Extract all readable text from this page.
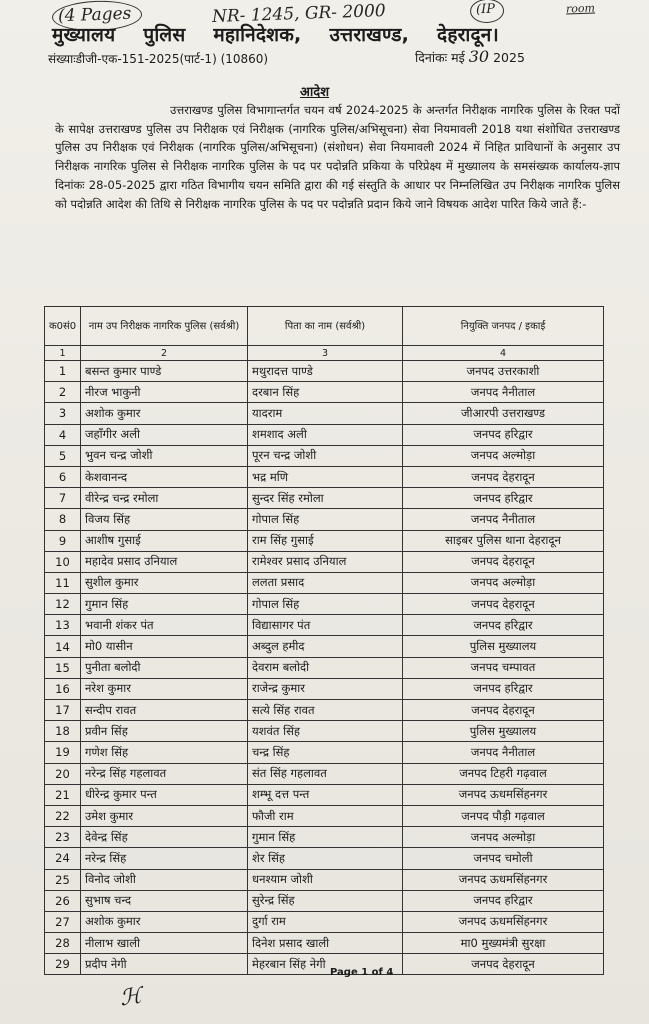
(4 Pages	NR- 1245, GR- 2000	(IP	room
मुख्यालय पुलिस महानिदेशक, उत्तराखण्ड, देहरादून।
संख्याःडीजी-एक-151-2025(पार्ट-1) (10860)	दिनांकः मई 30 2025
आदेश
उत्तराखण्ड पुलिस विभागान्तर्गत चयन वर्ष 2024-2025 के अन्तर्गत निरीक्षक नागरिक पुलिस के रिक्त पदों के सापेक्ष उत्तराखण्ड पुलिस उप निरीक्षक एवं निरीक्षक (नागरिक पुलिस/अभिसूचना) सेवा नियमावली 2018 यथा संशोधित उत्तराखण्ड पुलिस उप निरीक्षक एवं निरीक्षक (नागरिक पुलिस/अभिसूचना) (संशोधन) सेवा नियमावली 2024 में निहित प्राविधानों के अनुसार उप निरीक्षक नागरिक पुलिस से निरीक्षक नागरिक पुलिस के पद पर पदोन्नति प्रकिया के परिप्रेक्ष्य में मुख्यालय के समसंख्यक कार्यालय-ज्ञाप दिनांकः 28-05-2025 द्वारा गठित विभागीय चयन समिति द्वारा की गई संस्तुति के आधार पर निम्नलिखित उप निरीक्षक नागरिक पुलिस को पदोन्नति आदेश की तिथि से निरीक्षक नागरिक पुलिस के पद पर पदोन्नति प्रदान किये जाने विषयक आदेश पारित किये जाते हैं:-
क0सं0	नाम उप निरीक्षक नागरिक पुलिस (सर्वश्री)	पिता का नाम (सर्वश्री)	नियुक्ति जनपद / इकाई
1	2	3	4
1	बसन्त कुमार पाण्डे	मथुरादत्त पाण्डे	जनपद उत्तरकाशी
2	नीरज भाकुनी	दरबान सिंह	जनपद नैनीताल
3	अशोक कुमार	यादराम	जीआरपी उत्तराखण्ड
4	जहाँगीर अली	शमशाद अली	जनपद हरिद्वार
5	भुवन चन्द्र जोशी	पूरन चन्द्र जोशी	जनपद अल्मोड़ा
6	केशवानन्द	भद्र मणि	जनपद देहरादून
7	वीरेन्द्र चन्द्र रमोला	सुन्दर सिंह रमोला	जनपद हरिद्वार
8	विजय सिंह	गोपाल सिंह	जनपद नैनीताल
9	आशीष गुसाई	राम सिंह गुसाई	साइबर पुलिस थाना देहरादून
10	महादेव प्रसाद उनियाल	रामेश्वर प्रसाद उनियाल	जनपद देहरादून
11	सुशील कुमार	ललता प्रसाद	जनपद अल्मोड़ा
12	गुमान सिंह	गोपाल सिंह	जनपद देहरादून
13	भवानी शंकर पंत	विद्यासागर पंत	जनपद हरिद्वार
14	मो0 यासीन	अब्दुल हमीद	पुलिस मुख्यालय
15	पुनीता बलोदी	देवराम बलोदी	जनपद चम्पावत
16	नरेश कुमार	राजेन्द्र कुमार	जनपद हरिद्वार
17	सन्दीप रावत	सत्ये सिंह रावत	जनपद देहरादून
18	प्रवीन सिंह	यशवंत सिंह	पुलिस मुख्यालय
19	गणेश सिंह	चन्द्र सिंह	जनपद नैनीताल
20	नरेन्द्र सिंह गहलावत	संत सिंह गहलावत	जनपद टिहरी गढ़वाल
21	धीरेन्द्र कुमार पन्त	शम्भू दत्त पन्त	जनपद ऊधमसिंहनगर
22	उमेश कुमार	फौजी राम	जनपद पौड़ी गढ़वाल
23	देवेन्द्र सिंह	गुमान सिंह	जनपद अल्मोड़ा
24	नरेन्द्र सिंह	शेर सिंह	जनपद चमोली
25	विनोद जोशी	धनश्याम जोशी	जनपद ऊधमसिंहनगर
26	सुभाष चन्द	सुरेन्द्र सिंह	जनपद हरिद्वार
27	अशोक कुमार	दुर्गा राम	जनपद ऊधमसिंहनगर
28	नीलाभ खाली	दिनेश प्रसाद खाली	मा0 मुख्यमंत्री सुरक्षा
29	प्रदीप नेगी	मेहरबान सिंह नेगी	जनपद देहरादून
Page 1 of 4
ℋ
